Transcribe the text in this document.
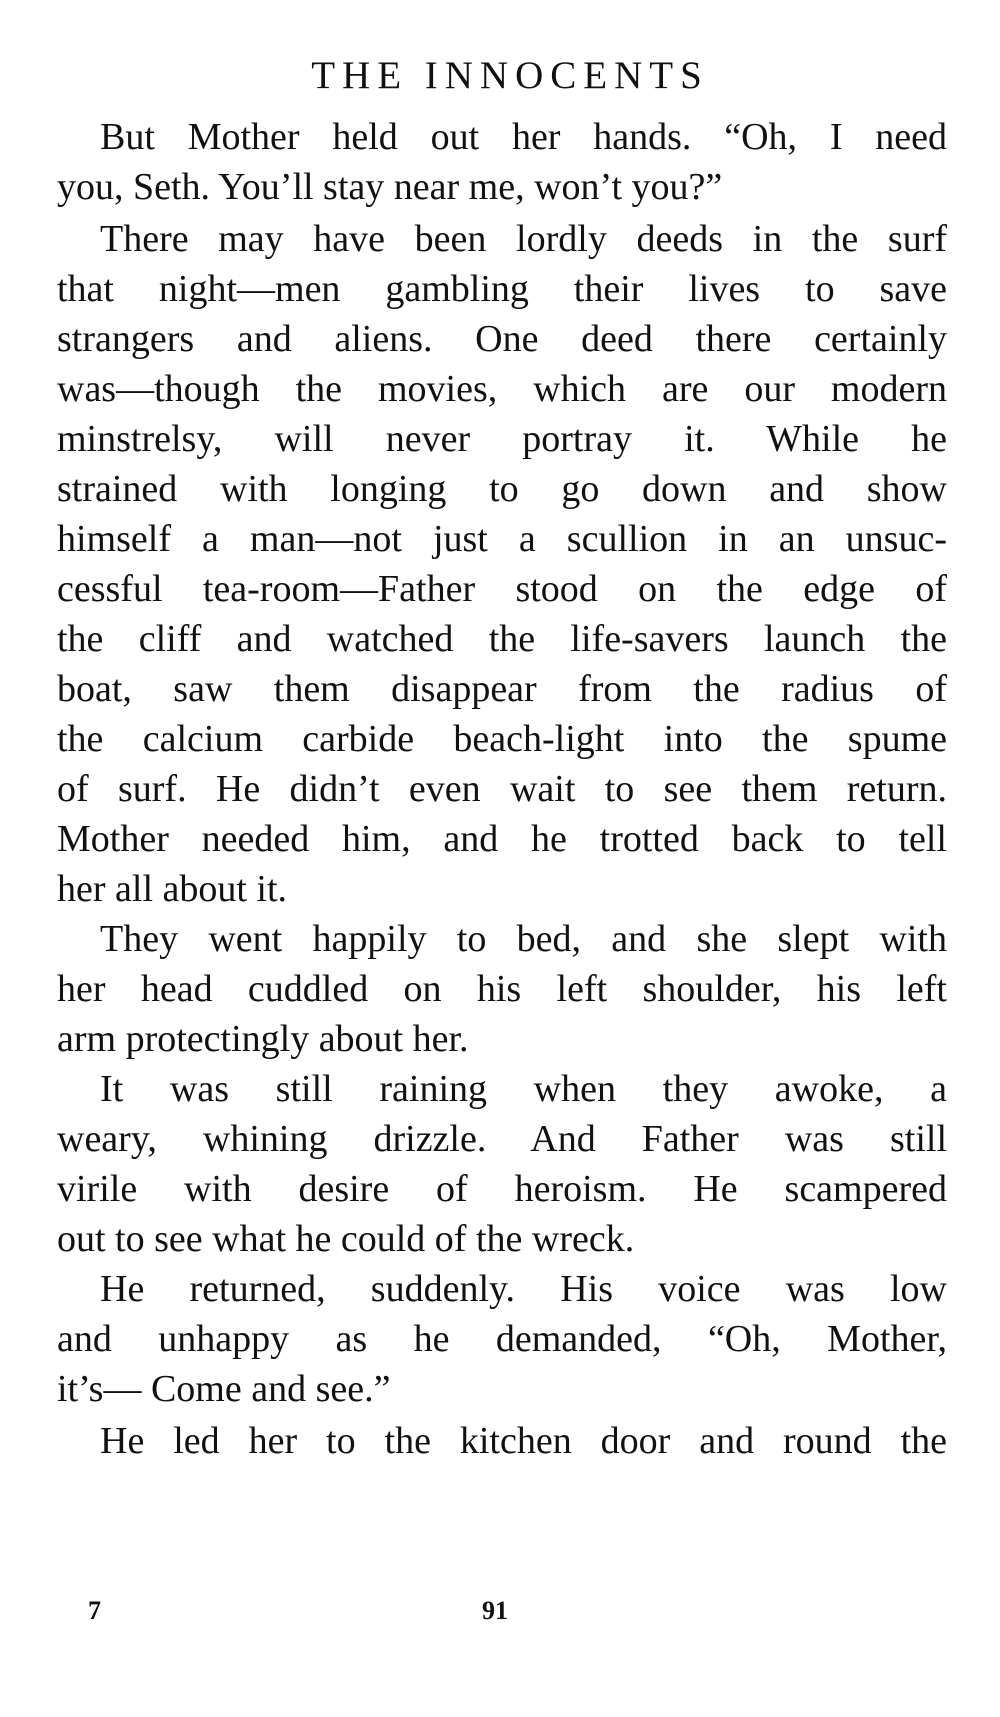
THE INNOCENTS
But Mother held out her hands. “Oh, I need
you, Seth. You’ll stay near me, won’t you?”
There may have been lordly deeds in the surf
that night—men gambling their lives to save
strangers and aliens. One deed there certainly
was—though the movies, which are our modern
minstrelsy, will never portray it. While he
strained with longing to go down and show
himself a man—not just a scullion in an unsuc-
cessful tea-room—Father stood on the edge of
the cliff and watched the life-savers launch the
boat, saw them disappear from the radius of
the calcium carbide beach-light into the spume
of surf. He didn’t even wait to see them return.
Mother needed him, and he trotted back to tell
her all about it.
They went happily to bed, and she slept with
her head cuddled on his left shoulder, his left
arm protectingly about her.
It was still raining when they awoke, a
weary, whining drizzle. And Father was still
virile with desire of heroism. He scampered
out to see what he could of the wreck.
He returned, suddenly. His voice was low
and unhappy as he demanded, “Oh, Mother,
it’s— Come and see.”
He led her to the kitchen door and round the
7	91
